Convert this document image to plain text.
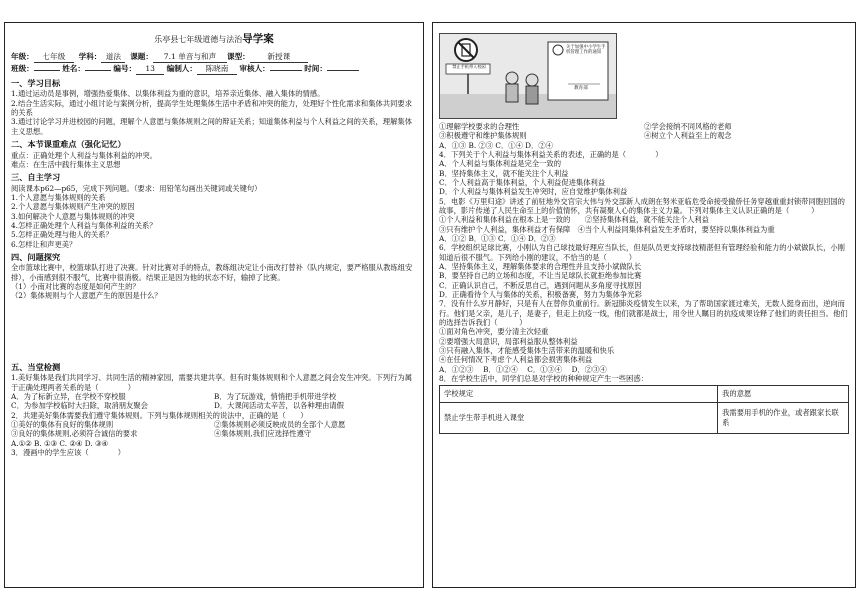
乐亭县七年级道德与法治导学案
年级： 七年级 学科： 道法 课题： 7.1 单音与和声 课型： 新授课
班级：	姓名：	编号： 13 编制人： 陈晓南 审核人：	时间：
一、学习目标

1.通过运动员是事例，增强热爱集体、以集体利益为重的意识，培养亲近集体、融入集体的情感。

2.结合生活实际，通过小组讨论与案例分析，提高学生处理集体生活中矛盾和冲突的能力，处理好个性化需求和集体共同要求的关系

3.通过讨论学习并进校园的问题，理解个人意愿与集体规则之间的辩证关系；知道集体利益与个人利益之间的关系，理解集体主义思想。

二、本节课重难点（强化记忆）

重点：正确处理个人利益与集体利益的冲突。

难点：在生活中践行集体主义思想

三、自主学习

阅读课本p62—p65，完成下列问题。（要求：用铅笔勾画出关键词或关键句）

1.个人意愿与集体规则的关系

2.个人意愿与集体规则产生冲突的原因

3.如何解决个人意愿与集体规则的冲突

4.怎样正确处理个人利益与集体利益的关系？

5.怎样正确处理与他人的关系？

6.怎样让和声更美？

四、问题探究

全市篮球比赛中，校篮球队打进了决赛。针对比赛对手的特点，教练组决定让小南改打替补（队内规定，要严格服从教练组安排），小南感到很不服气，比赛中很消极。结果正是因为他的状态不好，输掉了比赛。

（1）小南对比赛的态度是如何产生的？

（2）集体规则与个人意愿产生的原因是什么？

五、当堂检测

1.美好集体是我们共同学习、共同生活的精神家园，需要共建共享。但有时集体规则和个人意愿之间会发生冲突。下列行为属于正确处理两者关系的是（　　　　）

A．为了标新立异，在学校不穿校服	B．为了玩游戏，悄悄把手机带进学校
C．为参加学校临时大扫除，取消朋友聚会	D．大课间活动太辛苦，以各种理由请假

2．共建美好集体需要我们遵守集体规则。下列与集体规则相关的说法中，正确的是（　　）

①美好的集体有良好的集体规则	②集体规则必须反映成员的全部个人意愿
③良好的集体规则,必须符合诚信的要求	④集体规则,我们应选择性遵守

A.①② B. ①③ C. ②④ D. ③④

3．漫画中的学生应该（　　　　）

禁止手机带入校园
关于加强中小学生手机管理工作的通知
教育部
①理解学校要求的合理性	②学会接纳不同风格的老师
③积极遵守和维护集体规则	④树立个人利益至上的观念

A．①③ B. ②③ C．①④ D．②④

4．下列关于个人利益与集体利益关系的表述，正确的是（　　　　）

A．个人利益与集体利益是完全一致的

B．坚持集体主义，就不能关注个人利益

C．个人利益高于集体利益，个人利益促进集体利益

D．个人利益与集体利益发生冲突时，应自觉维护集体利益

5．电影《万里归途》讲述了前驻地外交官宗大伟与外交部新人成朗在努米亚临危受命接受撤侨任务穿越重重封锁带同胞回国的故事，影片传递了人民生命至上的价值情怀，共有凝聚人心的集体主义力量。下列对集体主义认识正确的是（　　　）

①个人利益和集体利益在根本上是一致的　　②坚持集体利益，就不能关注个人利益

③只有维护个人利益，集体利益才有保障　④当个人利益同集体利益发生矛盾时，要坚持以集体利益为重

A．①② B．①③ C．①④ D．②③

6．学校组织足球比赛，小刚认为自己球技最好理应当队长，但是队员更支持球技精湛但有管理经验和能力的小斌做队长，小刚知道后很不服气。下列给小刚的建议，不恰当的是（　　　）

A．坚持集体主义，理解集体要求的合理性并且支持小斌做队长

B．要坚持自己的立场和态度，不让当足球队长就拒绝参加比赛

C．正确认识自己，不断反思自己，遇到问题从多角度寻找原因

D．正确看待个人与集体的关系，积极备赛，努力为集体争光彩

7．没有什么岁月静好，只是有人在替你负重前行。新冠肺炎疫情发生以来，为了帮助国家渡过难关，无数人挺身而出，逆向而行。他们是父亲，是儿子，是妻子，但走上抗疫一线，他们就都是战士，用令世人瞩目的抗疫成果诠释了他们的责任担当。他们的选择告诉我们（　　　）

①面对角色冲突，要分清主次轻重

②要增强大局意识，局部利益服从整体利益

③只有融入集体，才能感受集体生活带来的温暖和快乐

④在任何情况下考虑个人利益都会损害集体利益

A．①②③　 B．①②④　 C．①③④　 D．②③④

8．在学校生活中，同学们总是对学校的种种规定产生一些困惑：

学校规定	我的意愿
禁止学生带手机进入课堂	我需要用手机的作业，或者跟家长联系
